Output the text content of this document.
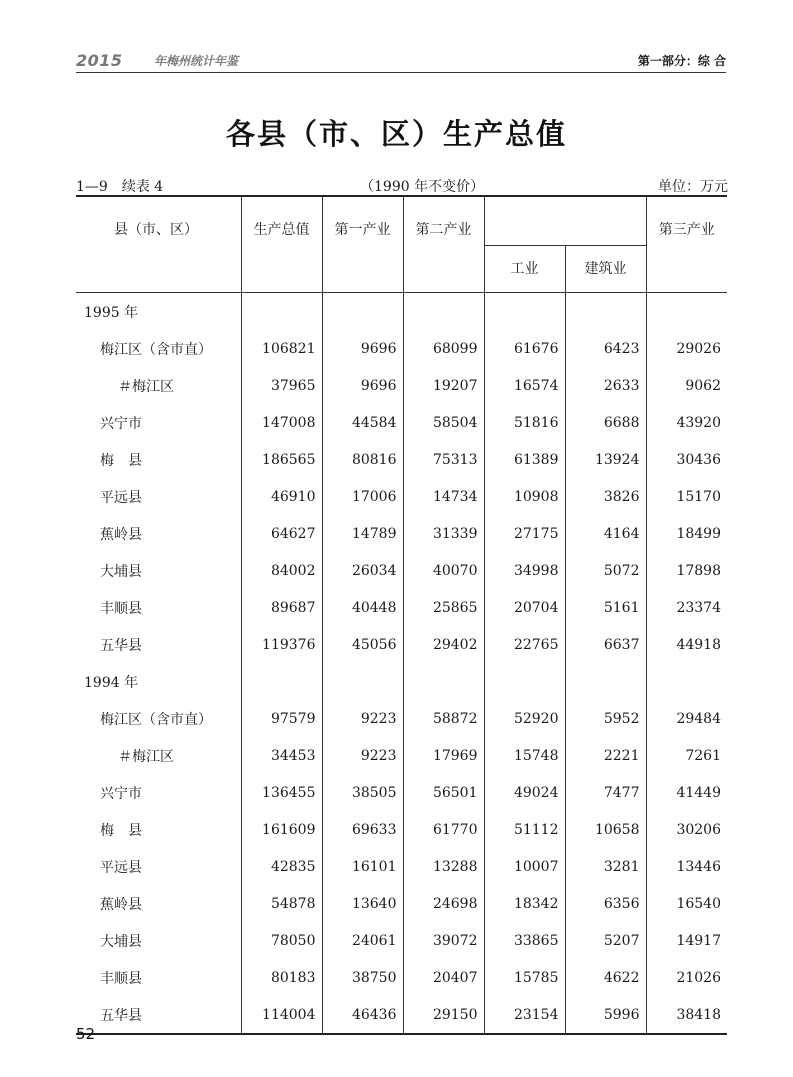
2015	年梅州统计年鉴	第一部分：综 合
各县（市、区）生产总值
1—9　续表 4	（1990 年不变价）	单位：万元
县（市、区）	生产总值	第一产业	第二产业			第三产业
				工业	建筑业	
1995 年						
梅江区（含市直）	106821	9696	68099	61676	6423	29026
＃梅江区	37965	9696	19207	16574	2633	9062
兴宁市	147008	44584	58504	51816	6688	43920
梅县	186565	80816	75313	61389	13924	30436
平远县	46910	17006	14734	10908	3826	15170
蕉岭县	64627	14789	31339	27175	4164	18499
大埔县	84002	26034	40070	34998	5072	17898
丰顺县	89687	40448	25865	20704	5161	23374
五华县	119376	45056	29402	22765	6637	44918
1994 年						
梅江区（含市直）	97579	9223	58872	52920	5952	29484
＃梅江区	34453	9223	17969	15748	2221	7261
兴宁市	136455	38505	56501	49024	7477	41449
梅县	161609	69633	61770	51112	10658	30206
平远县	42835	16101	13288	10007	3281	13446
蕉岭县	54878	13640	24698	18342	6356	16540
大埔县	78050	24061	39072	33865	5207	14917
丰顺县	80183	38750	20407	15785	4622	21026
五华县	114004	46436	29150	23154	5996	38418
52
